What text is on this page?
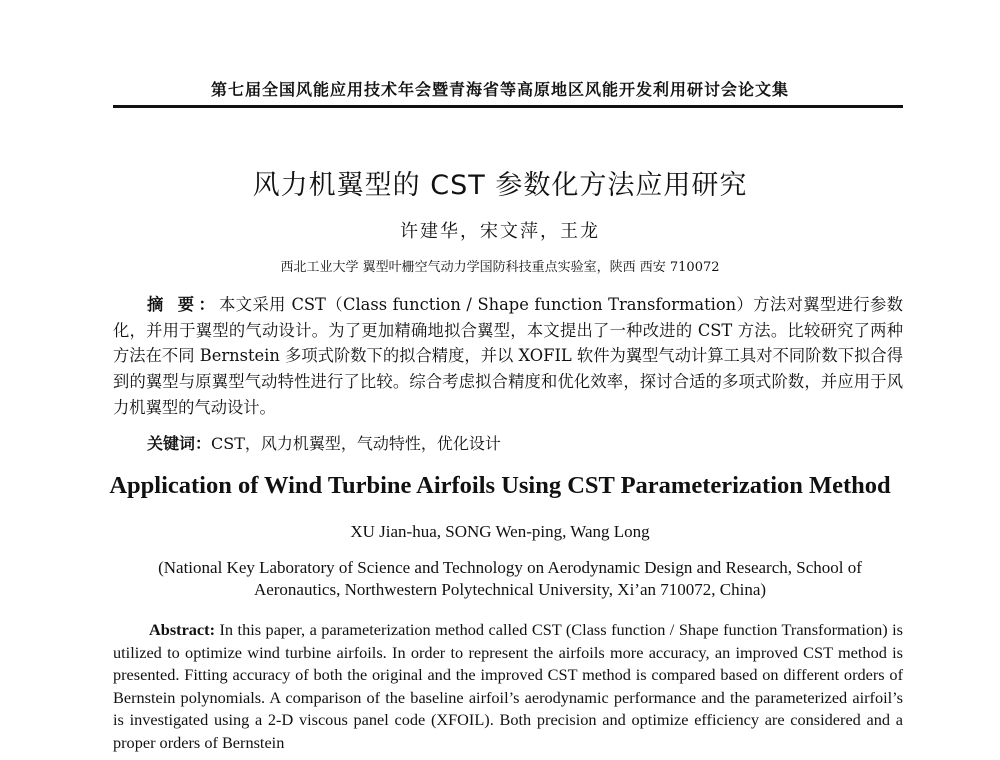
第七届全国风能应用技术年会暨青海省等高原地区风能开发利用研讨会论文集
风力机翼型的 CST 参数化方法应用研究
许建华，宋文萍，王龙
西北工业大学 翼型叶栅空气动力学国防科技重点实验室，陕西 西安 710072
摘 要：本文采用 CST（Class function / Shape function Transformation）方法对翼型进行参数化，并用于翼型的气动设计。为了更加精确地拟合翼型，本文提出了一种改进的 CST 方法。比较研究了两种方法在不同 Bernstein 多项式阶数下的拟合精度，并以 XOFIL 软件为翼型气动计算工具对不同阶数下拟合得到的翼型与原翼型气动特性进行了比较。综合考虑拟合精度和优化效率，探讨合适的多项式阶数，并应用于风力机翼型的气动设计。
关键词：CST，风力机翼型，气动特性，优化设计
Application of Wind Turbine Airfoils Using CST Parameterization Method
XU Jian-hua, SONG Wen-ping, Wang Long
(National Key Laboratory of Science and Technology on Aerodynamic Design and Research, School of Aeronautics, Northwestern Polytechnical University, Xi’an 710072, China)
Abstract: In this paper, a parameterization method called CST (Class function / Shape function Transformation) is utilized to optimize wind turbine airfoils. In order to represent the airfoils more accuracy, an improved CST method is presented. Fitting accuracy of both the original and the improved CST method is compared based on different orders of Bernstein polynomials. A comparison of the baseline airfoil’s aerodynamic performance and the parameterized airfoil’s is investigated using a 2-D viscous panel code (XFOIL). Both precision and optimize efficiency are considered and a proper orders of Bernstein
